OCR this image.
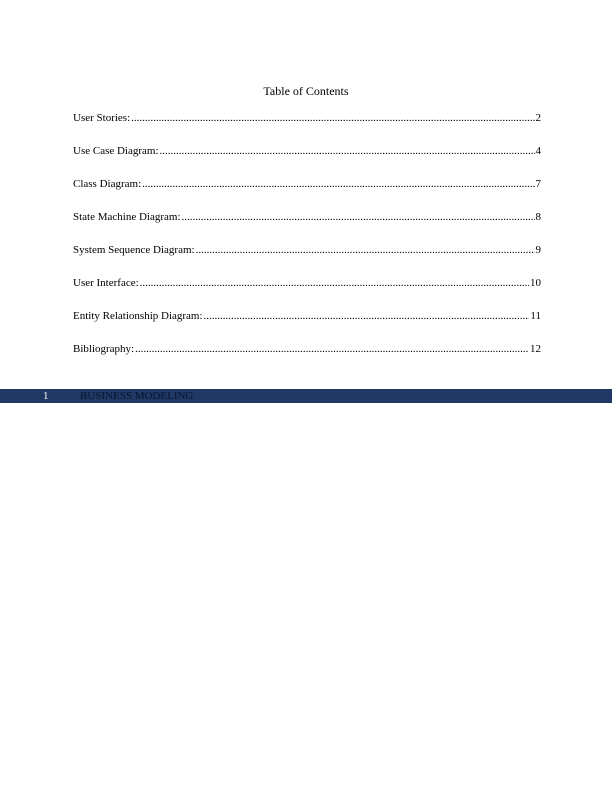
Table of Contents
User Stories: .....	2
Use Case Diagram: .....	4
Class Diagram: .....	7
State Machine Diagram: .....	8
System Sequence Diagram: .....	9
User Interface: .....	10
Entity Relationship Diagram: .....	11
Bibliography: .....	12
1	BUSINESS MODELING
